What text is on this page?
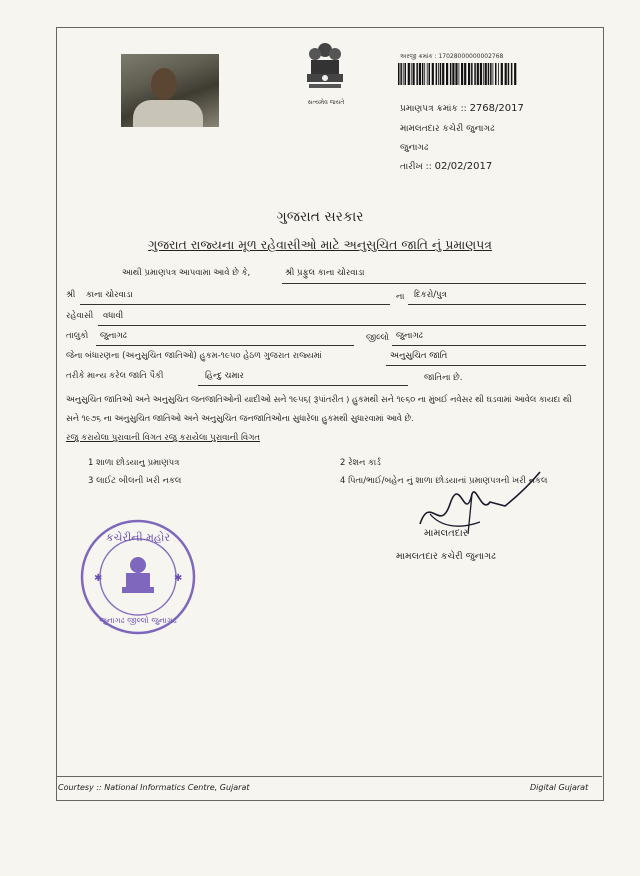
સત્યમેવ જયતે
અરજી ક્રમાંક : 17028000000002768
પ્રમાણપત્ર ક્રમાંક :: 2768/2017
મામલતદાર કચેરી જુનાગઢ
જુનાગઢ
તારીખ :: 02/02/2017
ગુજરાત સરકાર
ગુજરાત રાજ્યના મૂળ રહેવાસીઓ માટે અનુસુચિત જાતિ નું પ્રમાણપત્ર
આથી પ્રમાણપત્ર આપવામા આવે છે કે,	શ્રી પ્રફુલ કાના ચોરવાડા
શ્રી કાના ચોરવાડા	ના દિકરો/પુત્ર
રહેવાસી વધાવી
તાલુકો જુનાગઢ	જીલ્લો જુનાગઢ
જેના બંધારણના (અનુસુચિત જાતિઓ) હુકમ-૧૯૫૦ હેઠળ ગુજરાત રાજ્યમાં	અનુસુચિત જાતિ
તરીકે માન્ય કરેલ જાતિ પૈકી	હિન્દુ ચમાર	જાતિના છે.
અનુસુચિત જાતિઓ અને અનુસુચિત જનજાતિઓની યાદીઓ સને ૧૯૫૬( રૂપાંતરીત ) હુકમથી સને ૧૯૬૦ ના મુંબઈ નવેસર થી ઘડવામાં આવેલ કાયદા થી સને ૧૯૭૬ ના અનુસુચિત જાતિઓ અને અનુસુચિત જનજાતિઓના સુધારેલા હુકમથી સુધારવામાં આવે છે.
રજુ કરાયેલા પુરાવાની વિગત રજુ કરાયેલા પુરાવાની વિગત
1 શાળા છોડયાનુ પ્રમાણપત્ર	2 રેશન કાર્ડ
3 લાઈટ બીલની ખરી નકલ	4 પિતા/ભાઈ/બહેન નું શાળા છોડયાનાં પ્રમાણપત્રની ખરી નકલ
મામલતદાર
મામલતદાર કચેરી જુનાગઢ
કચેરીની મહોર
જુનાગઢ જીલ્લો જુનાગઢ
✱	✱
Courtesy :: National Informatics Centre, Gujarat	Digital Gujarat
